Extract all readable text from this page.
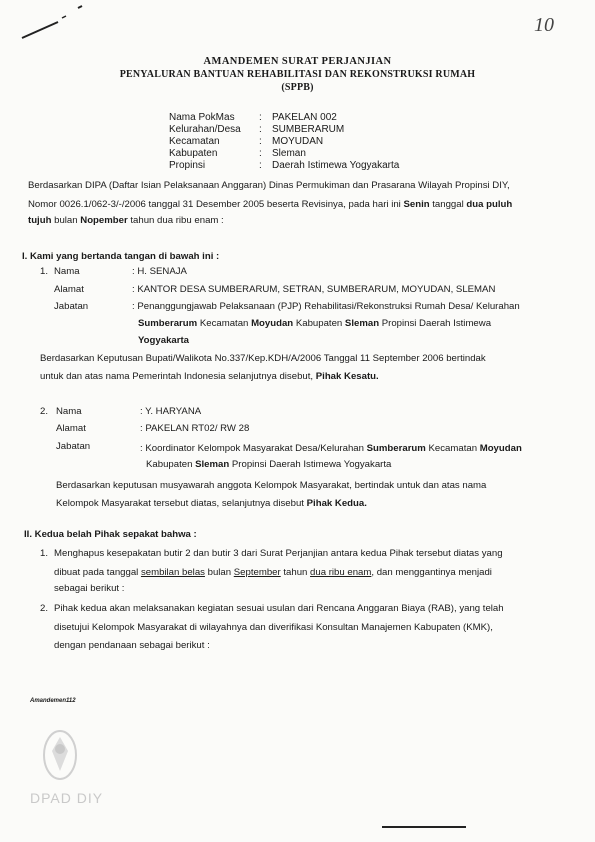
10
AMANDEMEN SURAT PERJANJIAN
PENYALURAN BANTUAN REHABILITASI DAN REKONSTRUKSI RUMAH
(SPPB)
Nama PokMas : PAKELAN 002
Kelurahan/Desa : SUMBERARUM
Kecamatan	: MOYUDAN
Kabupaten	: Sleman
Propinsi	: Daerah Istimewa Yogyakarta
Berdasarkan DIPA (Daftar Isian Pelaksanaan Anggaran) Dinas Permukiman dan Prasarana Wilayah Propinsi DIY,
Nomor 0026.1/062-3/-/2006 tanggal 31 Desember 2005 beserta Revisinya, pada hari ini Senin tanggal dua puluh
tujuh bulan Nopember tahun dua ribu enam :
I. Kami yang bertanda tangan di bawah ini :
1. Nama	: H. SENAJA
Alamat	: KANTOR DESA SUMBERARUM, SETRAN, SUMBERARUM, MOYUDAN, SLEMAN
Jabatan	: Penanggungjawab Pelaksanaan (PJP) Rehabilitasi/Rekonstruksi Rumah Desa/ Kelurahan
Sumberarum Kecamatan Moyudan Kabupaten Sleman Propinsi Daerah Istimewa
Yogyakarta
Berdasarkan Keputusan Bupati/Walikota No.337/Kep.KDH/A/2006 Tanggal 11 September 2006 bertindak
untuk dan atas nama Pemerintah Indonesia selanjutnya disebut, Pihak Kesatu.
2. Nama	: Y. HARYANA
Alamat	: PAKELAN RT02/ RW 28
Jabatan	: Koordinator Kelompok Masyarakat Desa/Kelurahan Sumberarum Kecamatan Moyudan
Kabupaten Sleman Propinsi Daerah Istimewa Yogyakarta
Berdasarkan keputusan musyawarah anggota Kelompok Masyarakat, bertindak untuk dan atas nama
Kelompok Masyarakat tersebut diatas, selanjutnya disebut Pihak Kedua.
II. Kedua belah Pihak sepakat bahwa :
1. Menghapus kesepakatan butir 2 dan butir 3 dari Surat Perjanjian antara kedua Pihak tersebut diatas yang
dibuat pada tanggal sembilan belas bulan September tahun dua ribu enam, dan menggantinya menjadi
sebagai berikut :
2. Pihak kedua akan melaksanakan kegiatan sesuai usulan dari Rencana Anggaran Biaya (RAB), yang telah
disetujui Kelompok Masyarakat di wilayahnya dan diverifikasi Konsultan Manajemen Kabupaten (KMK),
dengan pendanaan sebagai berikut :
Amandemen112
DPAD DIY
